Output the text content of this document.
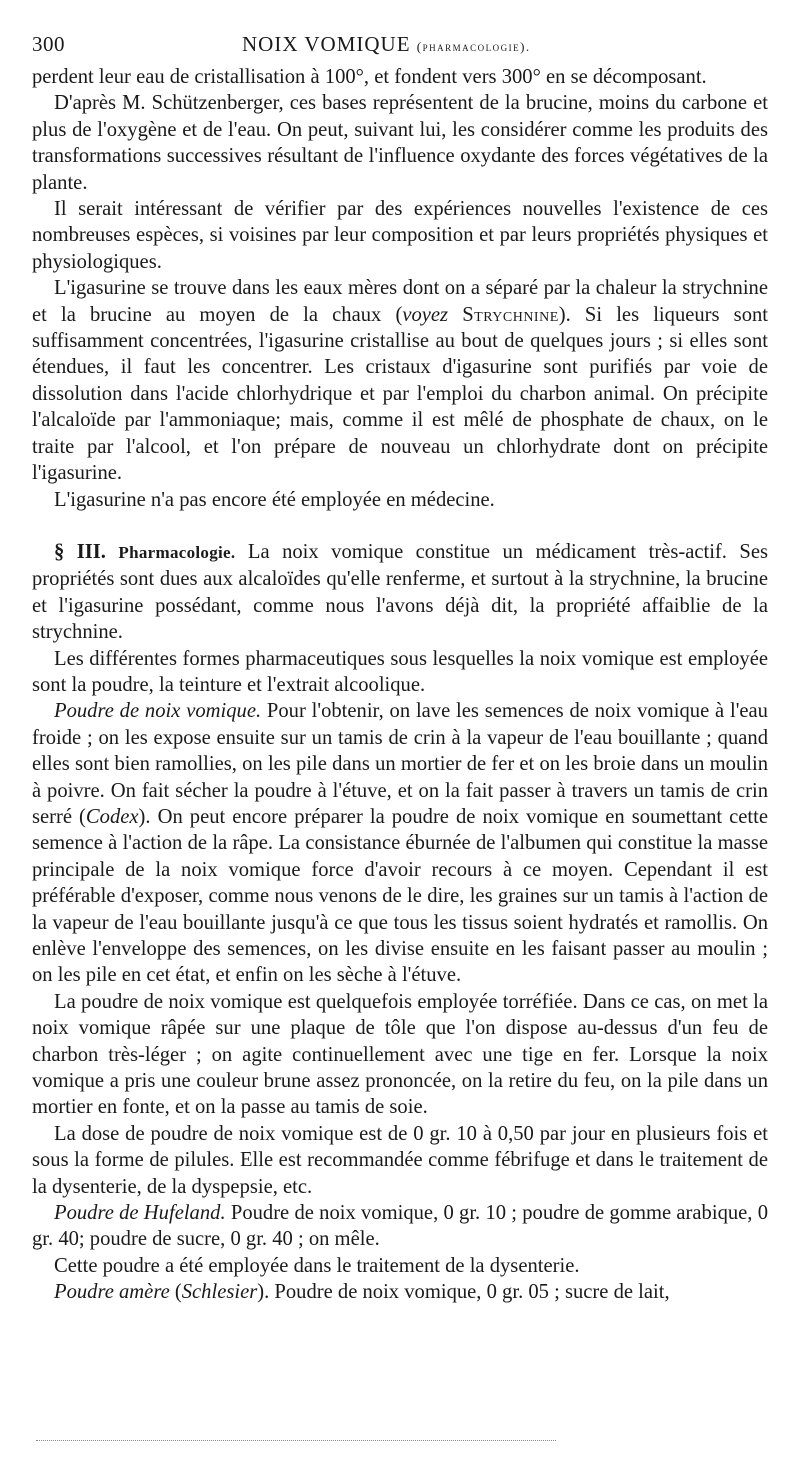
300	NOIX VOMIQUE (pharmacologie).

perdent leur eau de cristallisation à 100°, et fondent vers 300° en se décomposant.

D'après M. Schützenberger, ces bases représentent de la brucine, moins du carbone et plus de l'oxygène et de l'eau. On peut, suivant lui, les considérer comme les produits des transformations successives résultant de l'influence oxydante des forces végétatives de la plante.

Il serait intéressant de vérifier par des expériences nouvelles l'existence de ces nombreuses espèces, si voisines par leur composition et par leurs propriétés physiques et physiologiques.

L'igasurine se trouve dans les eaux mères dont on a séparé par la chaleur la strychnine et la brucine au moyen de la chaux (voyez Strychnine). Si les liqueurs sont suffisamment concentrées, l'igasurine cristallise au bout de quelques jours ; si elles sont étendues, il faut les concentrer. Les cristaux d'igasurine sont purifiés par voie de dissolution dans l'acide chlorhydrique et par l'emploi du charbon animal. On précipite l'alcaloïde par l'ammoniaque; mais, comme il est mêlé de phosphate de chaux, on le traite par l'alcool, et l'on prépare de nouveau un chlorhydrate dont on précipite l'igasurine.

L'igasurine n'a pas encore été employée en médecine.

§ III. Pharmacologie. La noix vomique constitue un médicament très-actif. Ses propriétés sont dues aux alcaloïdes qu'elle renferme, et surtout à la strychnine, la brucine et l'igasurine possédant, comme nous l'avons déjà dit, la propriété affaiblie de la strychnine.

Les différentes formes pharmaceutiques sous lesquelles la noix vomique est employée sont la poudre, la teinture et l'extrait alcoolique.

Poudre de noix vomique. Pour l'obtenir, on lave les semences de noix vomique à l'eau froide ; on les expose ensuite sur un tamis de crin à la vapeur de l'eau bouillante ; quand elles sont bien ramollies, on les pile dans un mortier de fer et on les broie dans un moulin à poivre. On fait sécher la poudre à l'étuve, et on la fait passer à travers un tamis de crin serré (Codex). On peut encore préparer la poudre de noix vomique en soumettant cette semence à l'action de la râpe. La consistance éburnée de l'albumen qui constitue la masse principale de la noix vomique force d'avoir recours à ce moyen. Cependant il est préférable d'exposer, comme nous venons de le dire, les graines sur un tamis à l'action de la vapeur de l'eau bouillante jusqu'à ce que tous les tissus soient hydratés et ramollis. On enlève l'enveloppe des semences, on les divise ensuite en les faisant passer au moulin ; on les pile en cet état, et enfin on les sèche à l'étuve.

La poudre de noix vomique est quelquefois employée torréfiée. Dans ce cas, on met la noix vomique râpée sur une plaque de tôle que l'on dispose au-dessus d'un feu de charbon très-léger ; on agite continuellement avec une tige en fer. Lorsque la noix vomique a pris une couleur brune assez prononcée, on la retire du feu, on la pile dans un mortier en fonte, et on la passe au tamis de soie.

La dose de poudre de noix vomique est de 0 gr. 10 à 0,50 par jour en plusieurs fois et sous la forme de pilules. Elle est recommandée comme fébrifuge et dans le traitement de la dysenterie, de la dyspepsie, etc.

Poudre de Hufeland. Poudre de noix vomique, 0 gr. 10 ; poudre de gomme arabique, 0 gr. 40; poudre de sucre, 0 gr. 40 ; on mêle.

Cette poudre a été employée dans le traitement de la dysenterie.

Poudre amère (Schlesier). Poudre de noix vomique, 0 gr. 05 ; sucre de lait,
